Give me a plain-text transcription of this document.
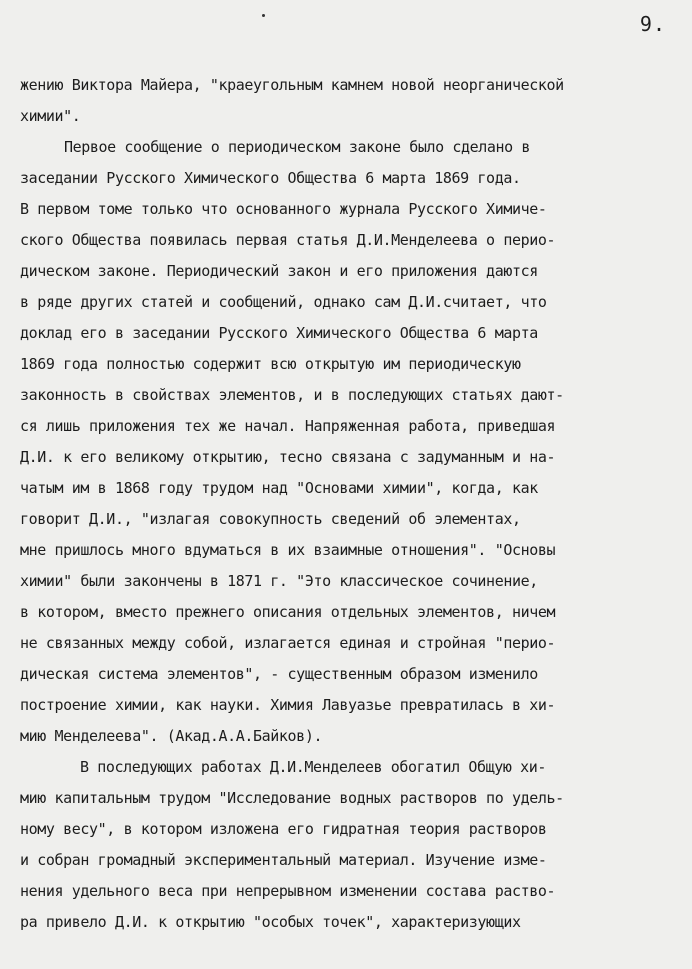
9.
жению Виктора Майера, "краеугольным камнем новой неорганической
химии".
Первое сообщение о периодическом законе было сделано в
заседании Русского Химического Общества 6 марта 1869 года.
В первом томе только что основанного журнала Русского Химиче-
ского Общества появилась первая статья Д.И.Менделеева о перио-
дическом законе. Периодический закон и его приложения даются
в ряде других статей и сообщений, однако сам Д.И.считает, что
доклад его в заседании Русского Химического Общества 6 марта
1869 года полностью содержит всю открытую им периодическую
законность в свойствах элементов, и в последующих статьях дают-
ся лишь приложения тех же начал. Напряженная работа, приведшая
Д.И. к его великому открытию, тесно связана с задуманным и на-
чатым им в 1868 году трудом над "Основами химии", когда, как
говорит Д.И., "излагая совокупность сведений об элементах,
мне пришлось много вдуматься в их взаимные отношения". "Основы
химии" были закончены в 1871 г. "Это классическое сочинение,
в котором, вместо прежнего описания отдельных элементов, ничем
не связанных между собой, излагается единая и стройная "перио-
дическая система элементов", - существенным образом изменило
построение химии, как науки. Химия Лавуазье превратилась в хи-
мию Менделеева". (Акад.А.А.Байков).
В последующих работах Д.И.Менделеев обогатил Общую хи-
мию капитальным трудом "Исследование водных растворов по удель-
ному весу", в котором изложена его гидратная теория растворов
и собран громадный экспериментальный материал. Изучение изме-
нения удельного веса при непрерывном изменении состава раство-
ра привело Д.И. к открытию "особых точек", характеризующих
